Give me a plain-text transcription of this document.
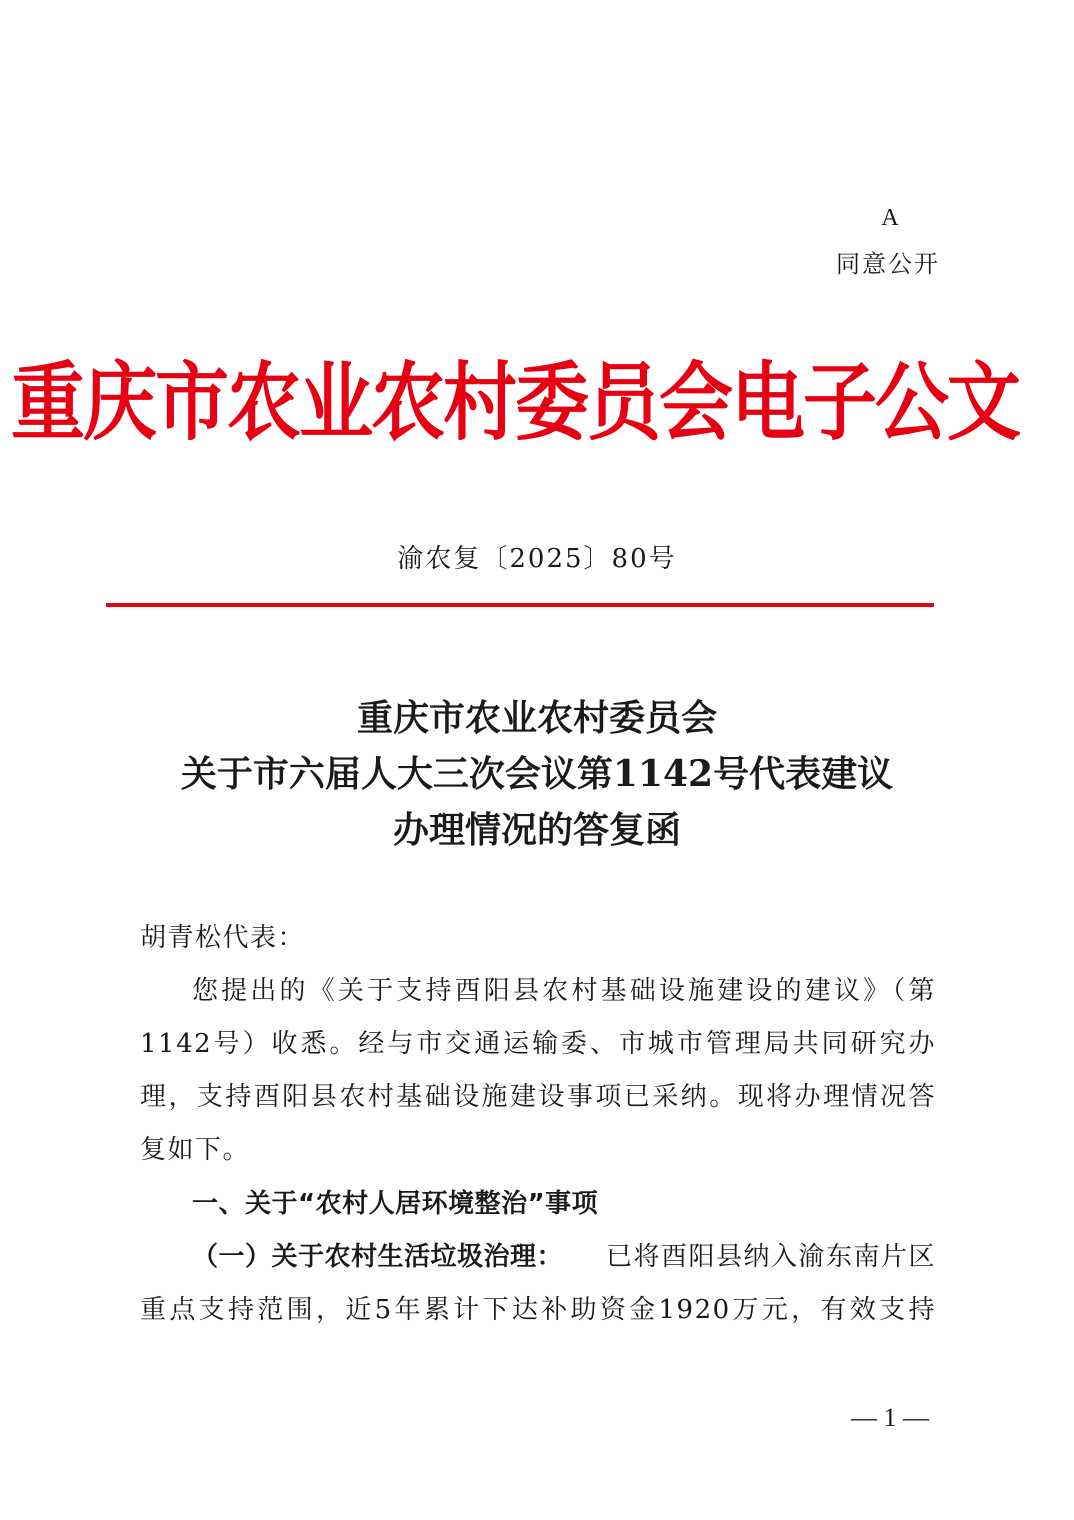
A
同意公开
重庆市农业农村委员会电子公文
渝农复〔2025〕80号
重庆市农业农村委员会
关于市六届人大三次会议第1142号代表建议
办理情况的答复函
胡青松代表：
您提出的《关于支持酉阳县农村基础设施建设的建议》（第
1142号）收悉。经与市交通运输委、市城市管理局共同研究办
理，支持酉阳县农村基础设施建设事项已采纳。现将办理情况答
复如下。
一、关于“农村人居环境整治”事项
（一）关于农村生活垃圾治理： 已将酉阳县纳入渝东南片区
重点支持范围，近5年累计下达补助资金1920万元，有效支持
— 1 —
